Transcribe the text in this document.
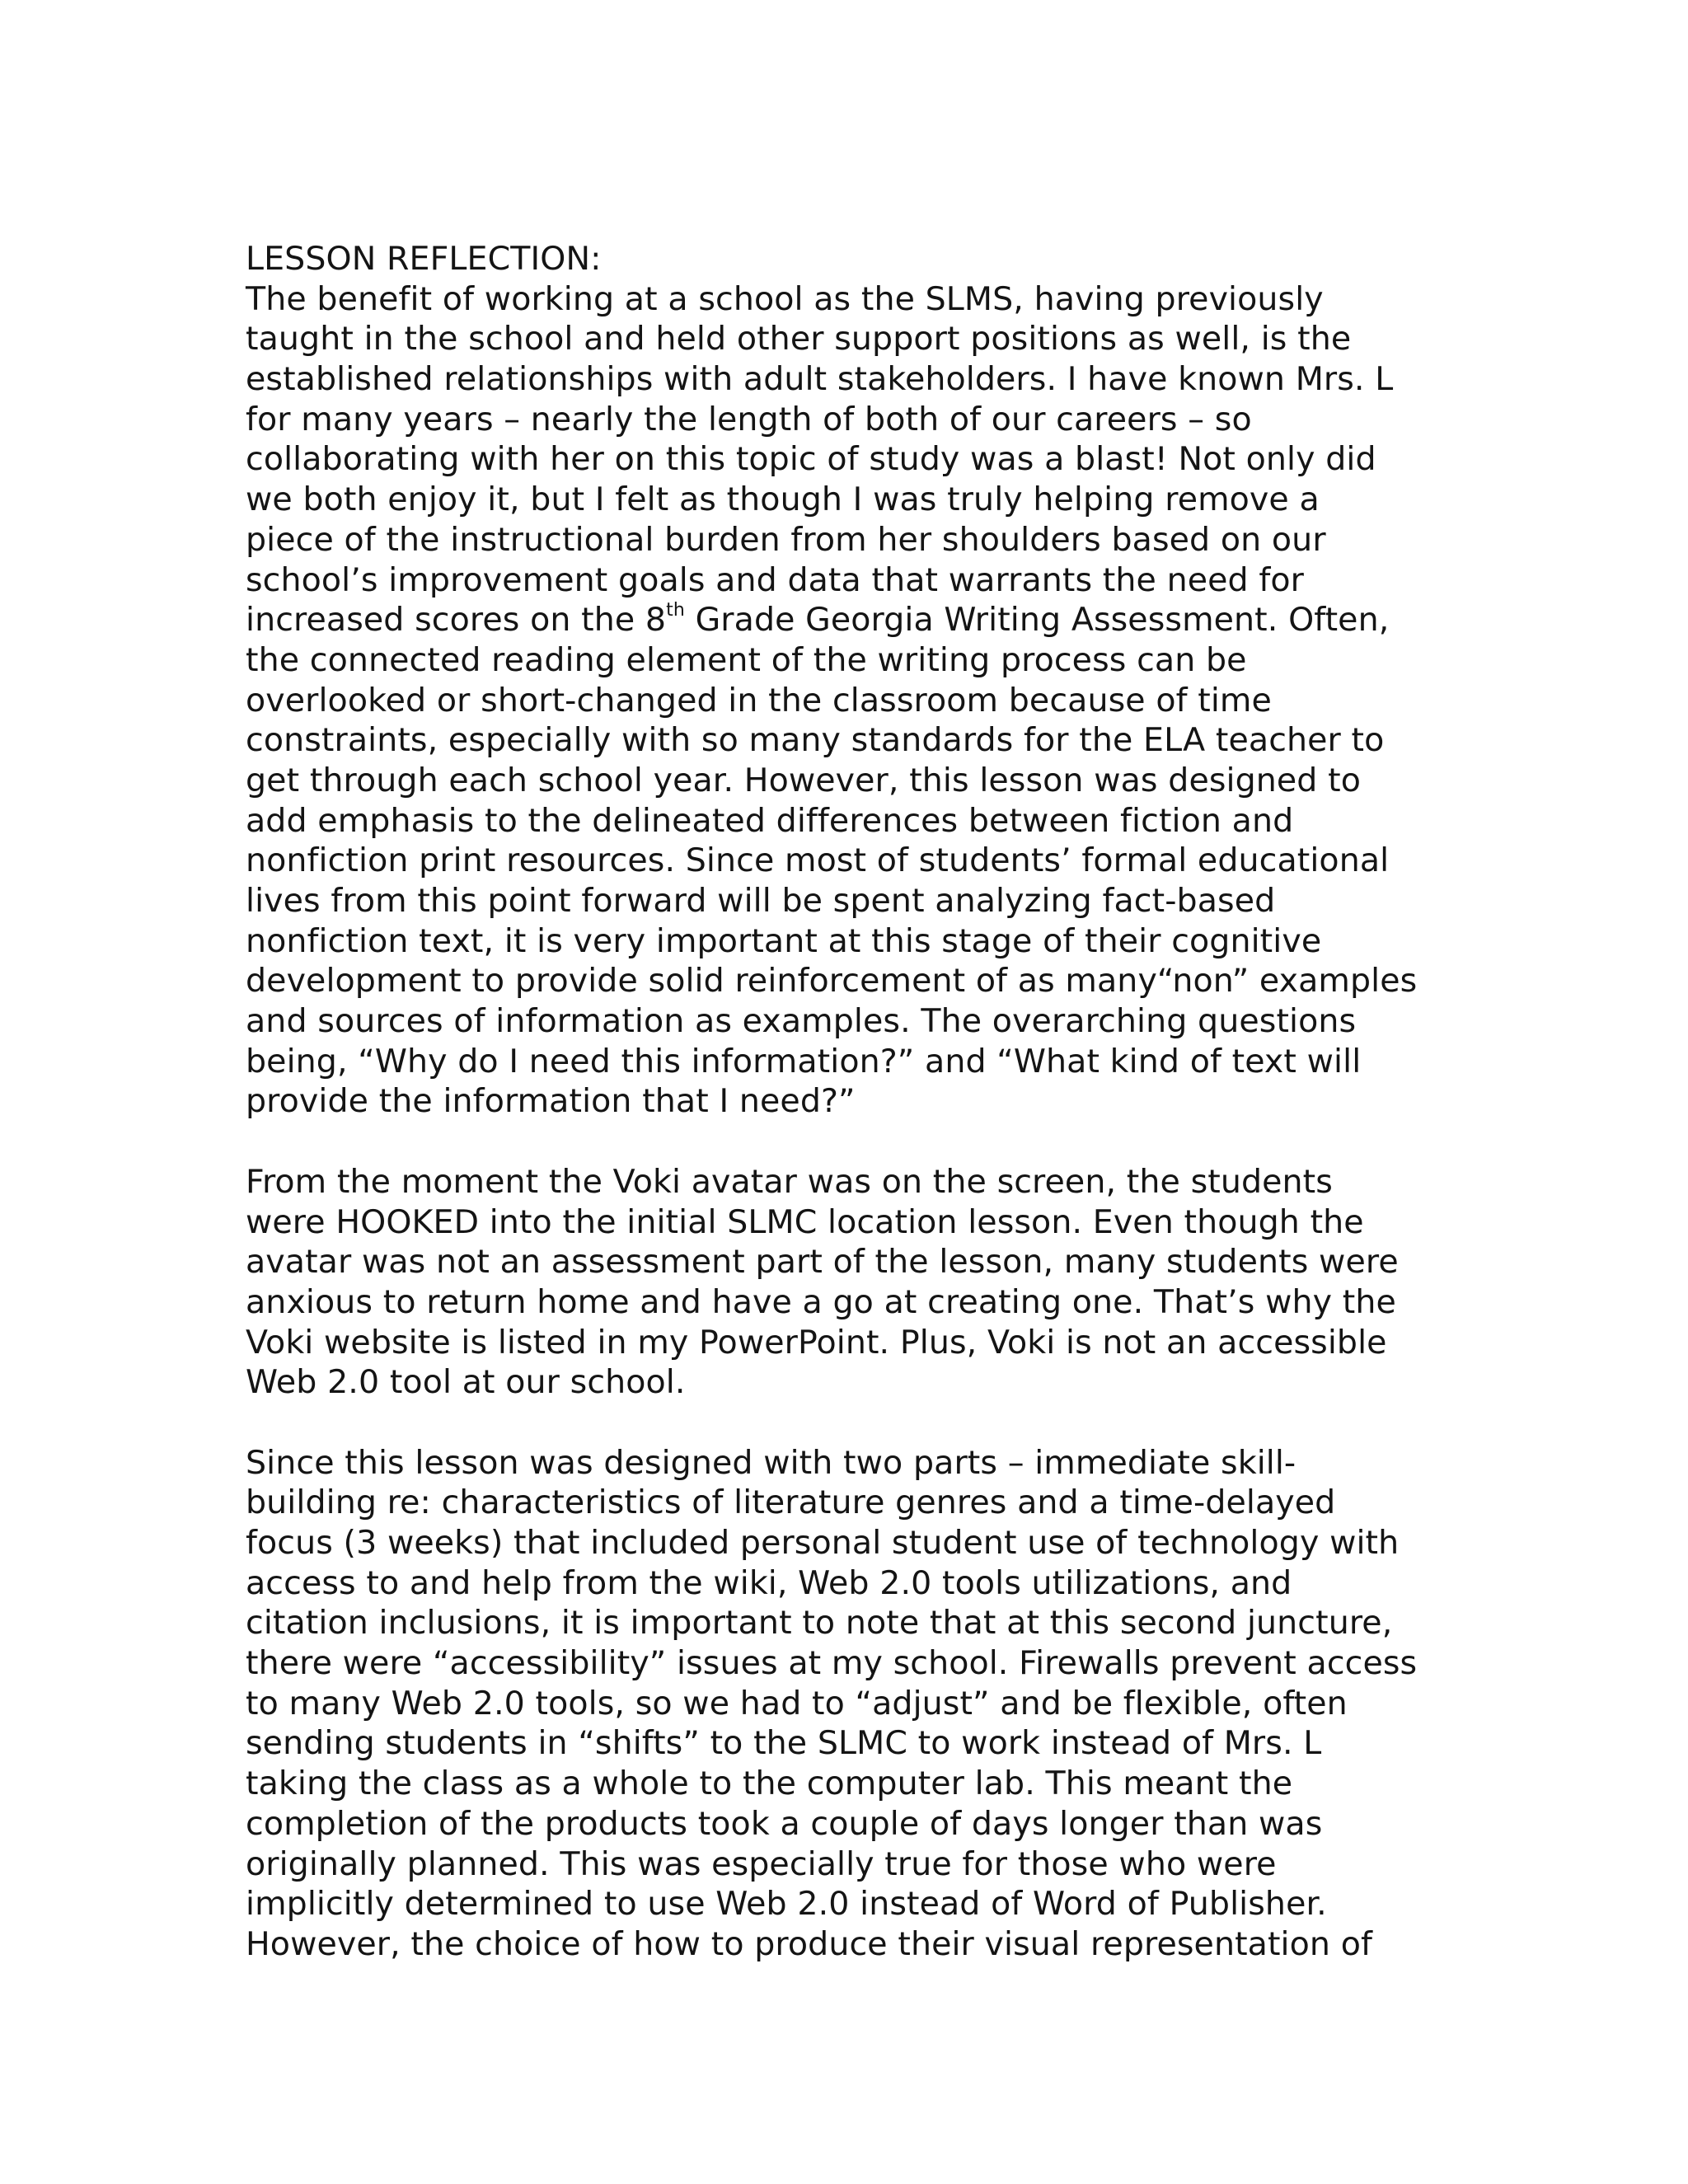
LESSON REFLECTION:
The benefit of working at a school as the SLMS, having previously
taught in the school and held other support positions as well, is the
established relationships with adult stakeholders. I have known Mrs. L
for many years – nearly the length of both of our careers – so
collaborating with her on this topic of study was a blast! Not only did
we both enjoy it, but I felt as though I was truly helping remove a
piece of the instructional burden from her shoulders based on our
school’s improvement goals and data that warrants the need for
increased scores on the 8th Grade Georgia Writing Assessment. Often,
the connected reading element of the writing process can be
overlooked or short-changed in the classroom because of time
constraints, especially with so many standards for the ELA teacher to
get through each school year. However, this lesson was designed to
add emphasis to the delineated differences between fiction and
nonfiction print resources. Since most of students’ formal educational
lives from this point forward will be spent analyzing fact-based
nonfiction text, it is very important at this stage of their cognitive
development to provide solid reinforcement of as many“non” examples
and sources of information as examples. The overarching questions
being, “Why do I need this information?” and “What kind of text will
provide the information that I need?”
From the moment the Voki avatar was on the screen, the students
were HOOKED into the initial SLMC location lesson. Even though the
avatar was not an assessment part of the lesson, many students were
anxious to return home and have a go at creating one. That’s why the
Voki website is listed in my PowerPoint. Plus, Voki is not an accessible
Web 2.0 tool at our school.
Since this lesson was designed with two parts – immediate skill-
building re: characteristics of literature genres and a time-delayed
focus (3 weeks) that included personal student use of technology with
access to and help from the wiki, Web 2.0 tools utilizations, and
citation inclusions, it is important to note that at this second juncture,
there were “accessibility” issues at my school. Firewalls prevent access
to many Web 2.0 tools, so we had to “adjust” and be flexible, often
sending students in “shifts” to the SLMC to work instead of Mrs. L
taking the class as a whole to the computer lab. This meant the
completion of the products took a couple of days longer than was
originally planned. This was especially true for those who were
implicitly determined to use Web 2.0 instead of Word of Publisher.
However, the choice of how to produce their visual representation of
